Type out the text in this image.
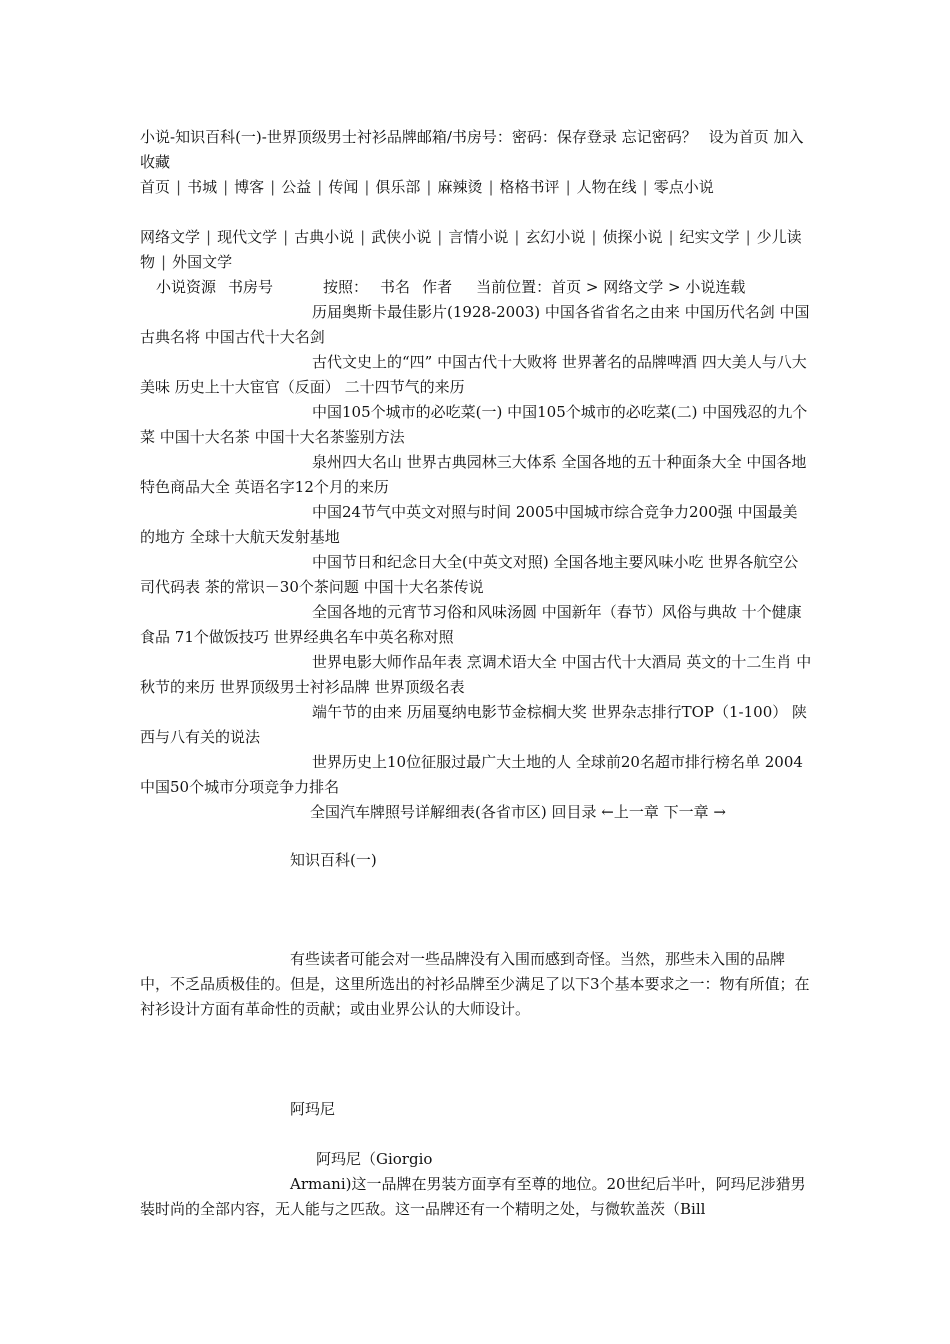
小说-知识百科(一)-世界顶级男士衬衫品牌邮箱/书房号：密码：保存登录 忘记密码？ 设为首页 加入收藏
首页 | 书城 | 博客 | 公益 | 传闻 | 俱乐部 | 麻辣烫 | 格格书评 | 人物在线 | 零点小说
网络文学 | 现代文学 | 古典小说 | 武侠小说 | 言情小说 | 玄幻小说 | 侦探小说 | 纪实文学 | 少儿读物 | 外国文学
小说资源 书房号	按照： 书名 作者 当前位置：首页 > 网络文学 > 小说连载
历届奥斯卡最佳影片(1928-2003) 中国各省省名之由来 中国历代名剑 中国古典名将 中国古代十大名剑
古代文史上的“四” 中国古代十大败将 世界著名的品牌啤酒 四大美人与八大美味 历史上十大宦官（反面） 二十四节气的来历
中国105个城市的必吃菜(一) 中国105个城市的必吃菜(二) 中国残忍的九个菜 中国十大名茶 中国十大名茶鉴别方法
泉州四大名山 世界古典园林三大体系 全国各地的五十种面条大全 中国各地特色商品大全 英语名字12个月的来历
中国24节气中英文对照与时间 2005中国城市综合竞争力200强 中国最美的地方 全球十大航天发射基地
中国节日和纪念日大全(中英文对照) 全国各地主要风味小吃 世界各航空公司代码表 茶的常识－30个茶问题 中国十大名茶传说
全国各地的元宵节习俗和风味汤圆 中国新年（春节）风俗与典故 十个健康食品 71个做饭技巧 世界经典名车中英名称对照
世界电影大师作品年表 烹调术语大全 中国古代十大酒局 英文的十二生肖 中秋节的来历 世界顶级男士衬衫品牌 世界顶级名表
端午节的由来 历届戛纳电影节金棕榈大奖 世界杂志排行TOP（1-100） 陕西与八有关的说法
世界历史上10位征服过最广大土地的人 全球前20名超市排行榜名单 2004中国50个城市分项竞争力排名
全国汽车牌照号详解细表(各省市区) 回目录 ←上一章 下一章 →
知识百科(一)
有些读者可能会对一些品牌没有入围而感到奇怪。当然，那些未入围的品牌中，不乏品质极佳的。但是，这里所选出的衬衫品牌至少满足了以下3个基本要求之一：物有所值；在衬衫设计方面有革命性的贡献；或由业界公认的大师设计。
阿玛尼
阿玛尼（Giorgio
Armani)这一品牌在男装方面享有至尊的地位。20世纪后半叶，阿玛尼涉猎男装时尚的全部内容，无人能与之匹敌。这一品牌还有一个精明之处，与微软盖茨（Bill
